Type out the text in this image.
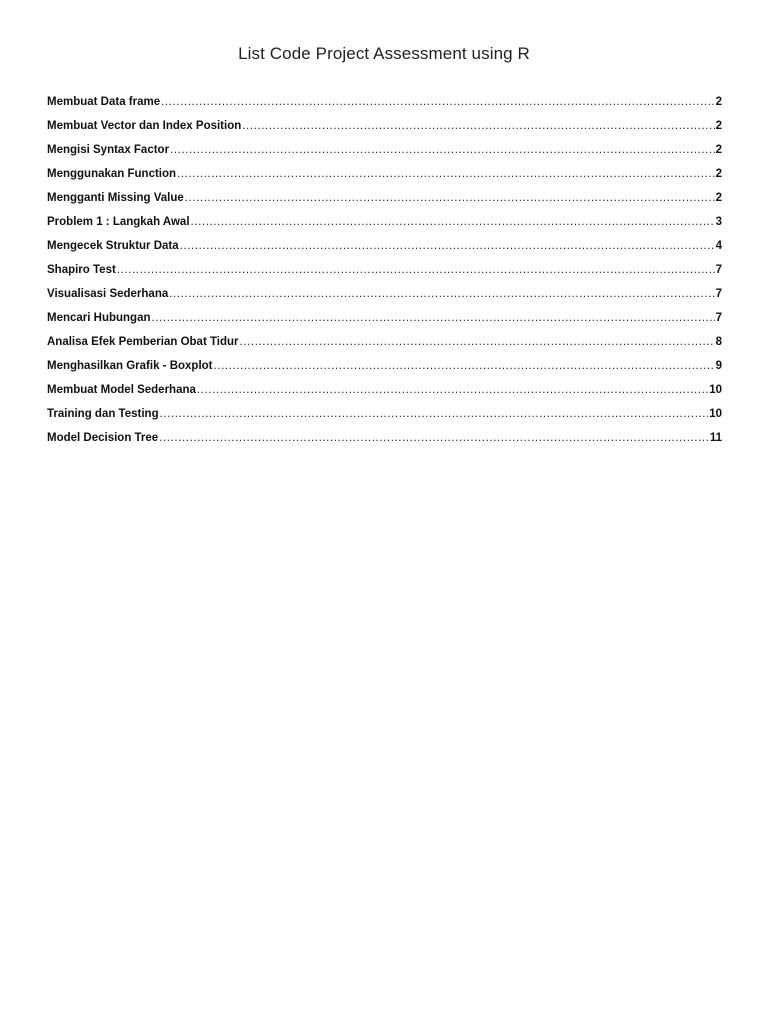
List Code Project Assessment using R
Membuat Data frame .....	2
Membuat Vector dan Index Position .....	2
Mengisi Syntax Factor .....	2
Menggunakan Function .....	2
Mengganti Missing Value .....	2
Problem 1 : Langkah Awal .....	3
Mengecek Struktur Data .....	4
Shapiro Test .....	7
Visualisasi Sederhana .....	7
Mencari Hubungan .....	7
Analisa Efek Pemberian Obat Tidur .....	8
Menghasilkan Grafik - Boxplot .....	9
Membuat Model Sederhana .....	10
Training dan Testing .....	10
Model Decision Tree .....	11
